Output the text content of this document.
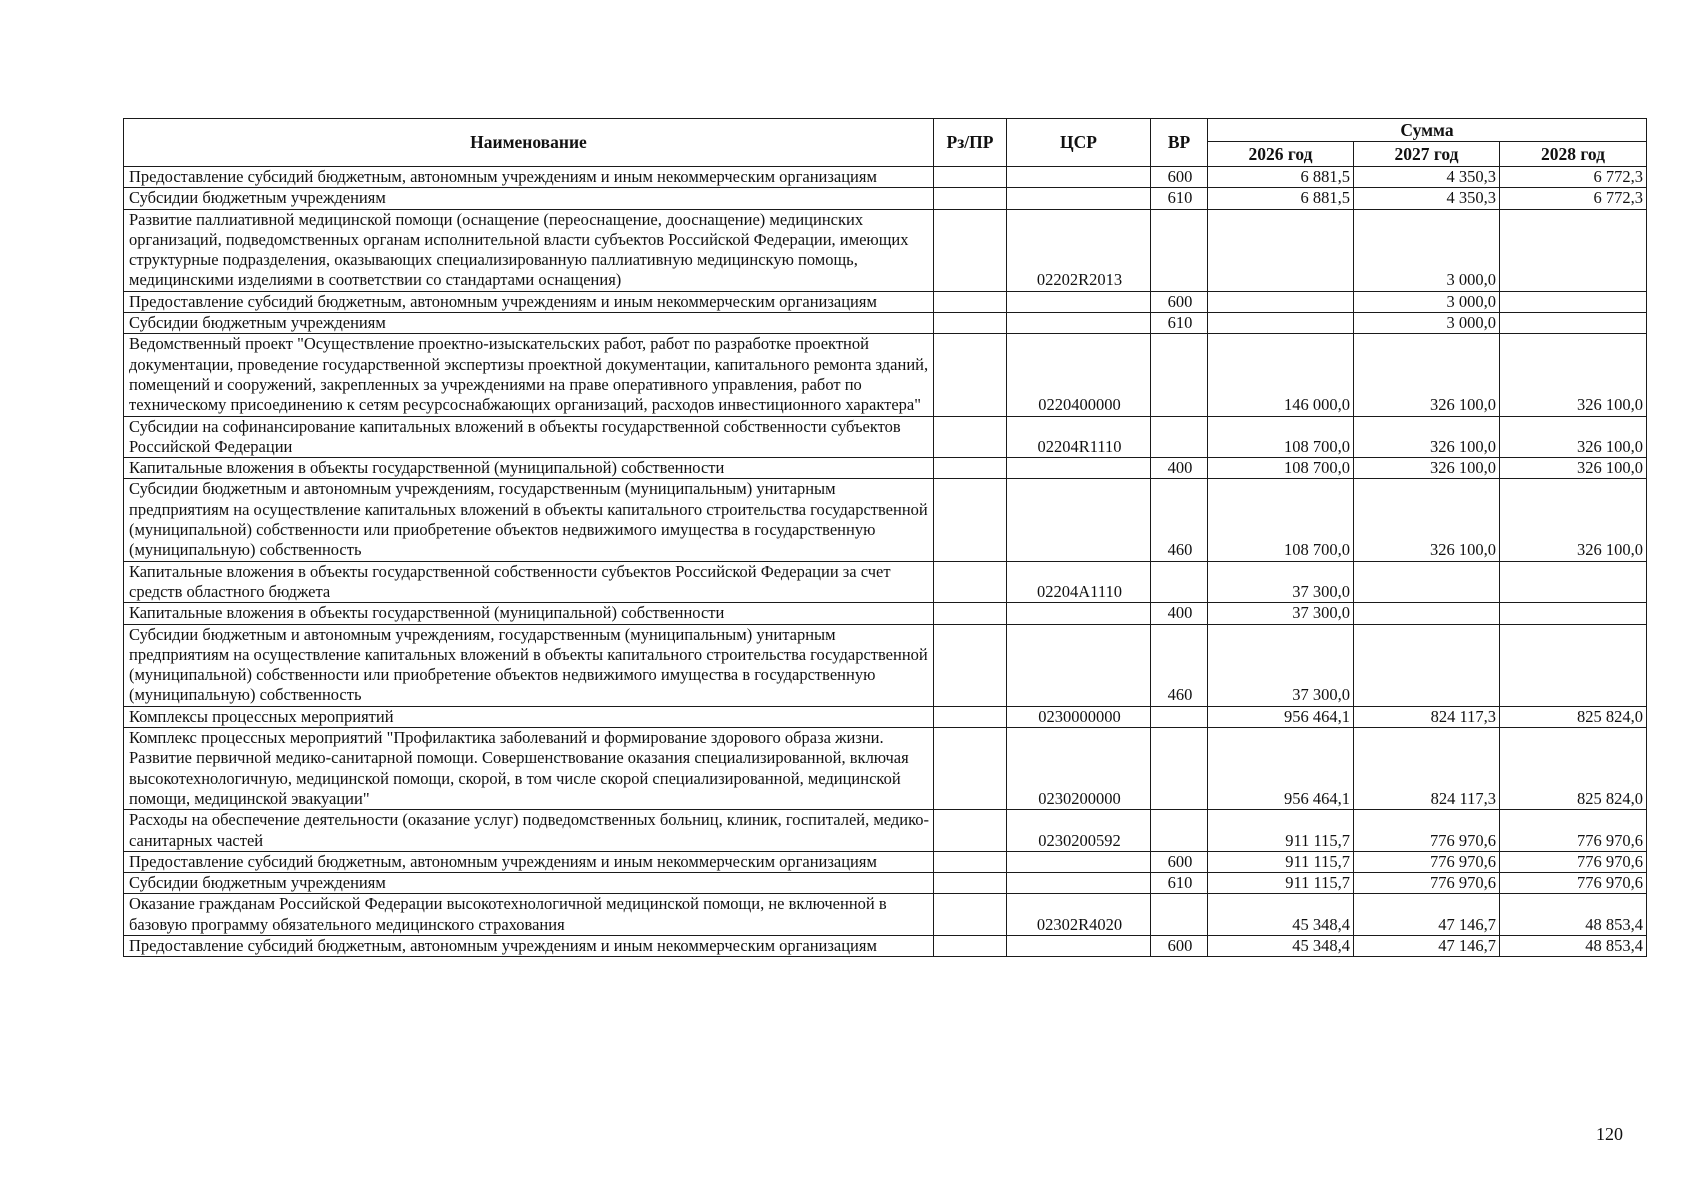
Наименование	Рз/ПР	ЦСР	ВР	Сумма		
				2026 год	2027 год	2028 год
Предоставление субсидий бюджетным, автономным учреждениям и иным некоммерческим организациям			600	6 881,5	4 350,3	6 772,3
Субсидии бюджетным учреждениям			610	6 881,5	4 350,3	6 772,3
Развитие паллиативной медицинской помощи (оснащение (переоснащение, дооснащение) медицинских организаций, подведомственных органам исполнительной власти субъектов Российской Федерации, имеющих структурные подразделения, оказывающих специализированную паллиативную медицинскую помощь, медицинскими изделиями в соответствии со стандартами оснащения)		02202R2013			3 000,0	
Предоставление субсидий бюджетным, автономным учреждениям и иным некоммерческим организациям			600		3 000,0	
Субсидии бюджетным учреждениям			610		3 000,0	
Ведомственный проект "Осуществление проектно-изыскательских работ, работ по разработке проектной документации, проведение государственной экспертизы проектной документации, капитального ремонта зданий, помещений и сооружений, закрепленных за учреждениями на праве оперативного управления, работ по техническому присоединению к сетям ресурсоснабжающих организаций, расходов инвестиционного характера"		0220400000		146 000,0	326 100,0	326 100,0
Субсидии на софинансирование капитальных вложений в объекты государственной собственности субъектов Российской Федерации		02204R1110		108 700,0	326 100,0	326 100,0
Капитальные вложения в объекты государственной (муниципальной) собственности			400	108 700,0	326 100,0	326 100,0
Субсидии бюджетным и автономным учреждениям, государственным (муниципальным) унитарным предприятиям на осуществление капитальных вложений в объекты капитального строительства государственной (муниципальной) собственности или приобретение объектов недвижимого имущества в государственную (муниципальную) собственность			460	108 700,0	326 100,0	326 100,0
Капитальные вложения в объекты государственной собственности субъектов Российской Федерации за счет средств областного бюджета		02204A1110		37 300,0		
Капитальные вложения в объекты государственной (муниципальной) собственности			400	37 300,0		
Субсидии бюджетным и автономным учреждениям, государственным (муниципальным) унитарным предприятиям на осуществление капитальных вложений в объекты капитального строительства государственной (муниципальной) собственности или приобретение объектов недвижимого имущества в государственную (муниципальную) собственность			460	37 300,0		
Комплексы процессных мероприятий		0230000000		956 464,1	824 117,3	825 824,0
Комплекс процессных мероприятий "Профилактика заболеваний и формирование здорового образа жизни. Развитие первичной медико-санитарной помощи. Совершенствование оказания специализированной, включая высокотехнологичную, медицинской помощи, скорой, в том числе скорой специализированной, медицинской помощи, медицинской эвакуации"		0230200000		956 464,1	824 117,3	825 824,0
Расходы на обеспечение деятельности (оказание услуг) подведомственных больниц, клиник, госпиталей, медико-санитарных частей		0230200592		911 115,7	776 970,6	776 970,6
Предоставление субсидий бюджетным, автономным учреждениям и иным некоммерческим организациям			600	911 115,7	776 970,6	776 970,6
Субсидии бюджетным учреждениям			610	911 115,7	776 970,6	776 970,6
Оказание гражданам Российской Федерации высокотехнологичной медицинской помощи, не включенной в базовую программу обязательного медицинского страхования		02302R4020		45 348,4	47 146,7	48 853,4
Предоставление субсидий бюджетным, автономным учреждениям и иным некоммерческим организациям			600	45 348,4	47 146,7	48 853,4
120
